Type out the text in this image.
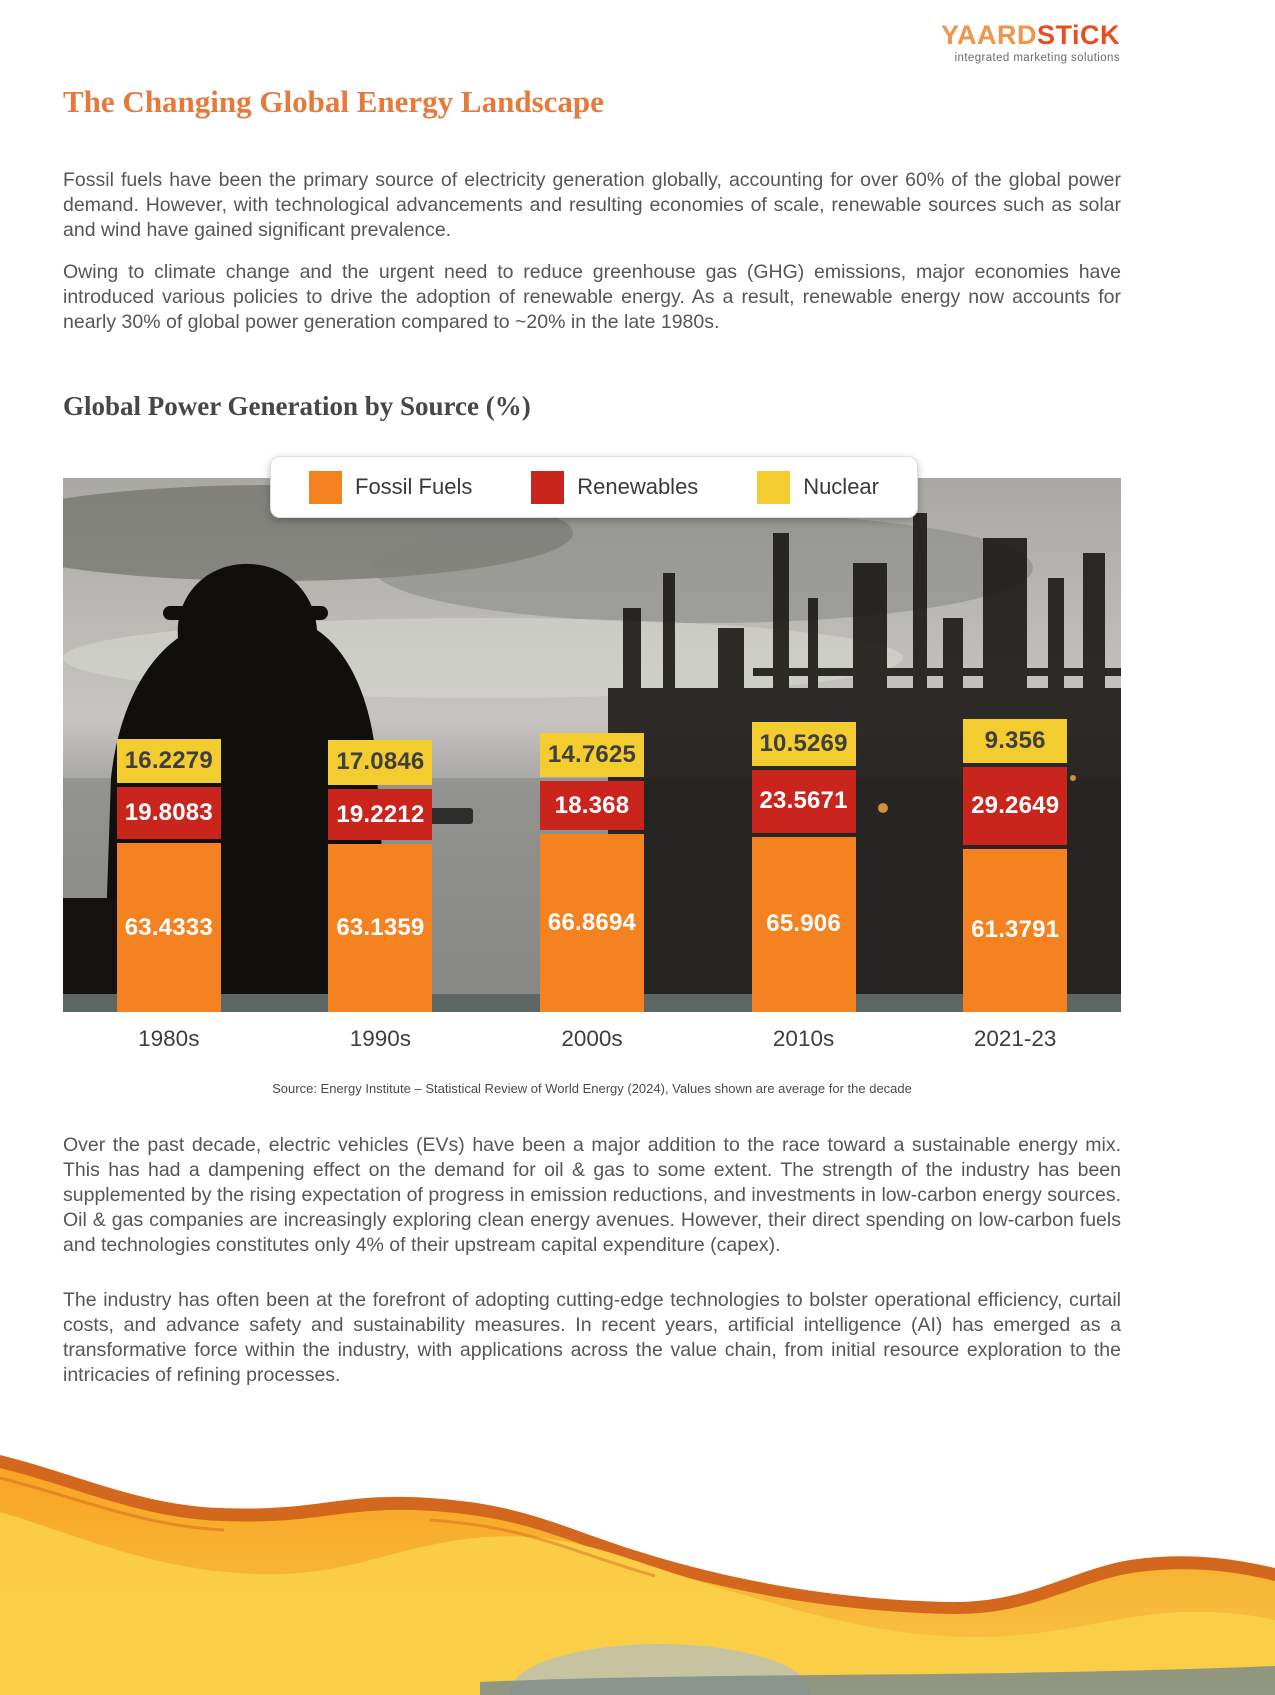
YAARDSTiCK
integrated marketing solutions
The Changing Global Energy Landscape

Fossil fuels have been the primary source of electricity generation globally, accounting for over 60% of the global power demand. However, with technological advancements and resulting economies of scale, renewable sources such as solar and wind have gained significant prevalence.

Owing to climate change and the urgent need to reduce greenhouse gas (GHG) emissions, major economies have introduced various policies to drive the adoption of renewable energy. As a result, renewable energy now accounts for nearly 30% of global power generation compared to ~20% in the late 1980s.

Global Power Generation by Source (%)
Fossil Fuels	Renewables	Nuclear
16.2279
19.8083
63.4333
17.0846
19.2212
63.1359
14.7625
18.368
66.8694
10.5269
23.5671
65.906
9.356
29.2649
61.3791
1980s	1990s	2000s	2010s	2021-23
Source: Energy Institute – Statistical Review of World Energy (2024), Values shown are average for the decade

Over the past decade, electric vehicles (EVs) have been a major addition to the race toward a sustainable energy mix. This has had a dampening effect on the demand for oil & gas to some extent. The strength of the industry has been supplemented by the rising expectation of progress in emission reductions, and investments in low-carbon energy sources. Oil & gas companies are increasingly exploring clean energy avenues. However, their direct spending on low-carbon fuels and technologies constitutes only 4% of their upstream capital expenditure (capex).

The industry has often been at the forefront of adopting cutting-edge technologies to bolster operational efficiency, curtail costs, and advance safety and sustainability measures. In recent years, artificial intelligence (AI) has emerged as a transformative force within the industry, with applications across the value chain, from initial resource exploration to the intricacies of refining processes.
